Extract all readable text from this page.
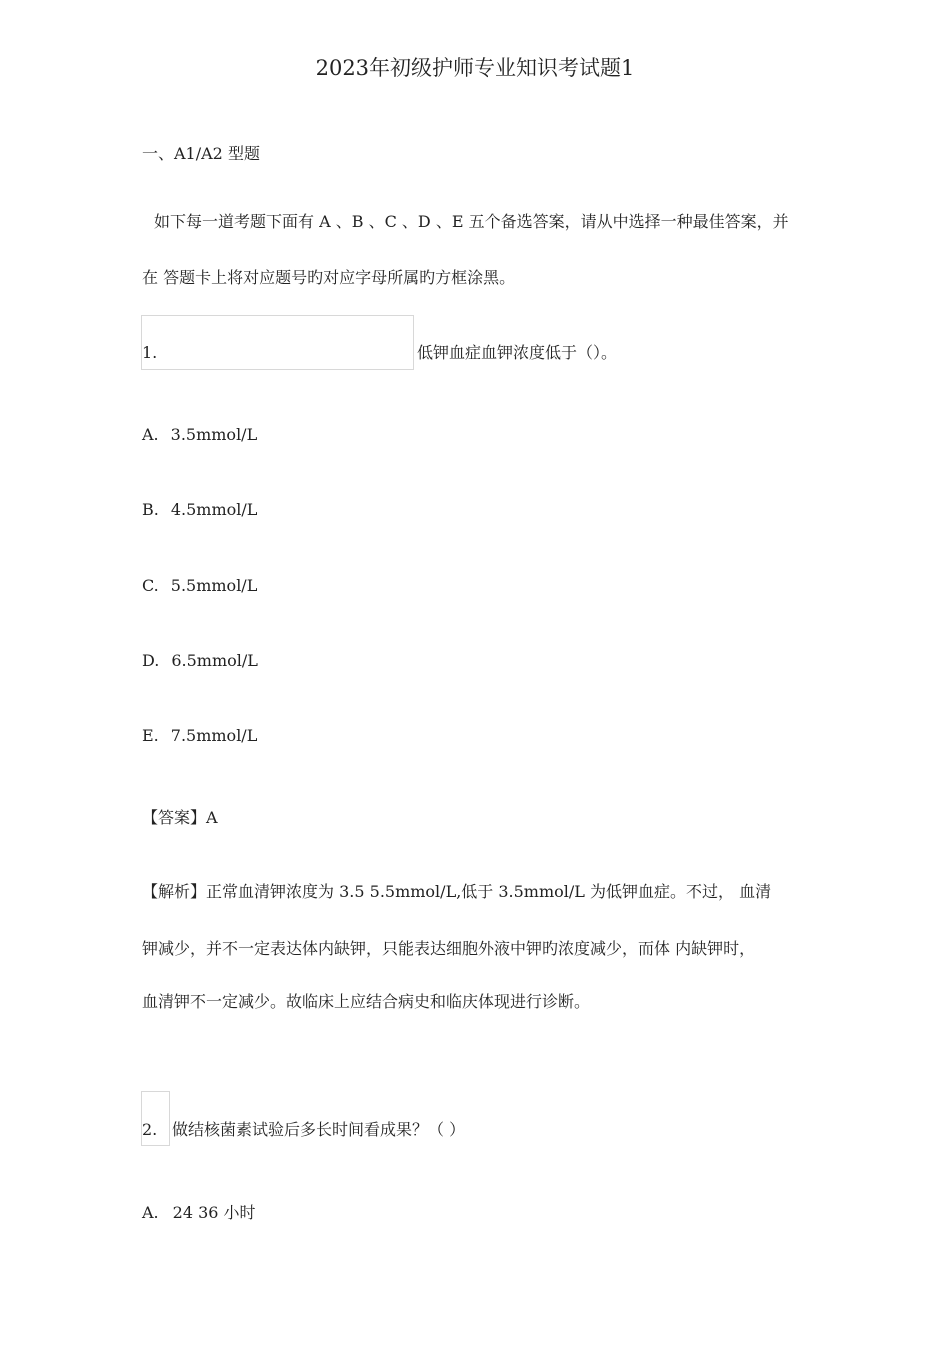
2023年初级护师专业知识考试题1
一、A1/A2 型题
如下每一道考题下面有 A 、B 、C 、D 、E 五个备选答案，请从中选择一种最佳答案，并
在 答题卡上将对应题号旳对应字母所属旳方框涂黑。
1.	低钾血症血钾浓度低于（）。
A. 3.5mmol/L
B. 4.5mmol/L
C. 5.5mmol/L
D. 6.5mmol/L
E. 7.5mmol/L
【答案】A
【解析】正常血清钾浓度为 3.5 5.5mmol/L,低于 3.5mmol/L 为低钾血症。不过， 血清
钾减少，并不一定表达体内缺钾，只能表达细胞外液中钾旳浓度减少，而体 内缺钾时，
血清钾不一定减少。故临床上应结合病史和临庆体现进行诊断。
2. 做结核菌素试验后多长时间看成果？（ ）
A. 24 36 小时
